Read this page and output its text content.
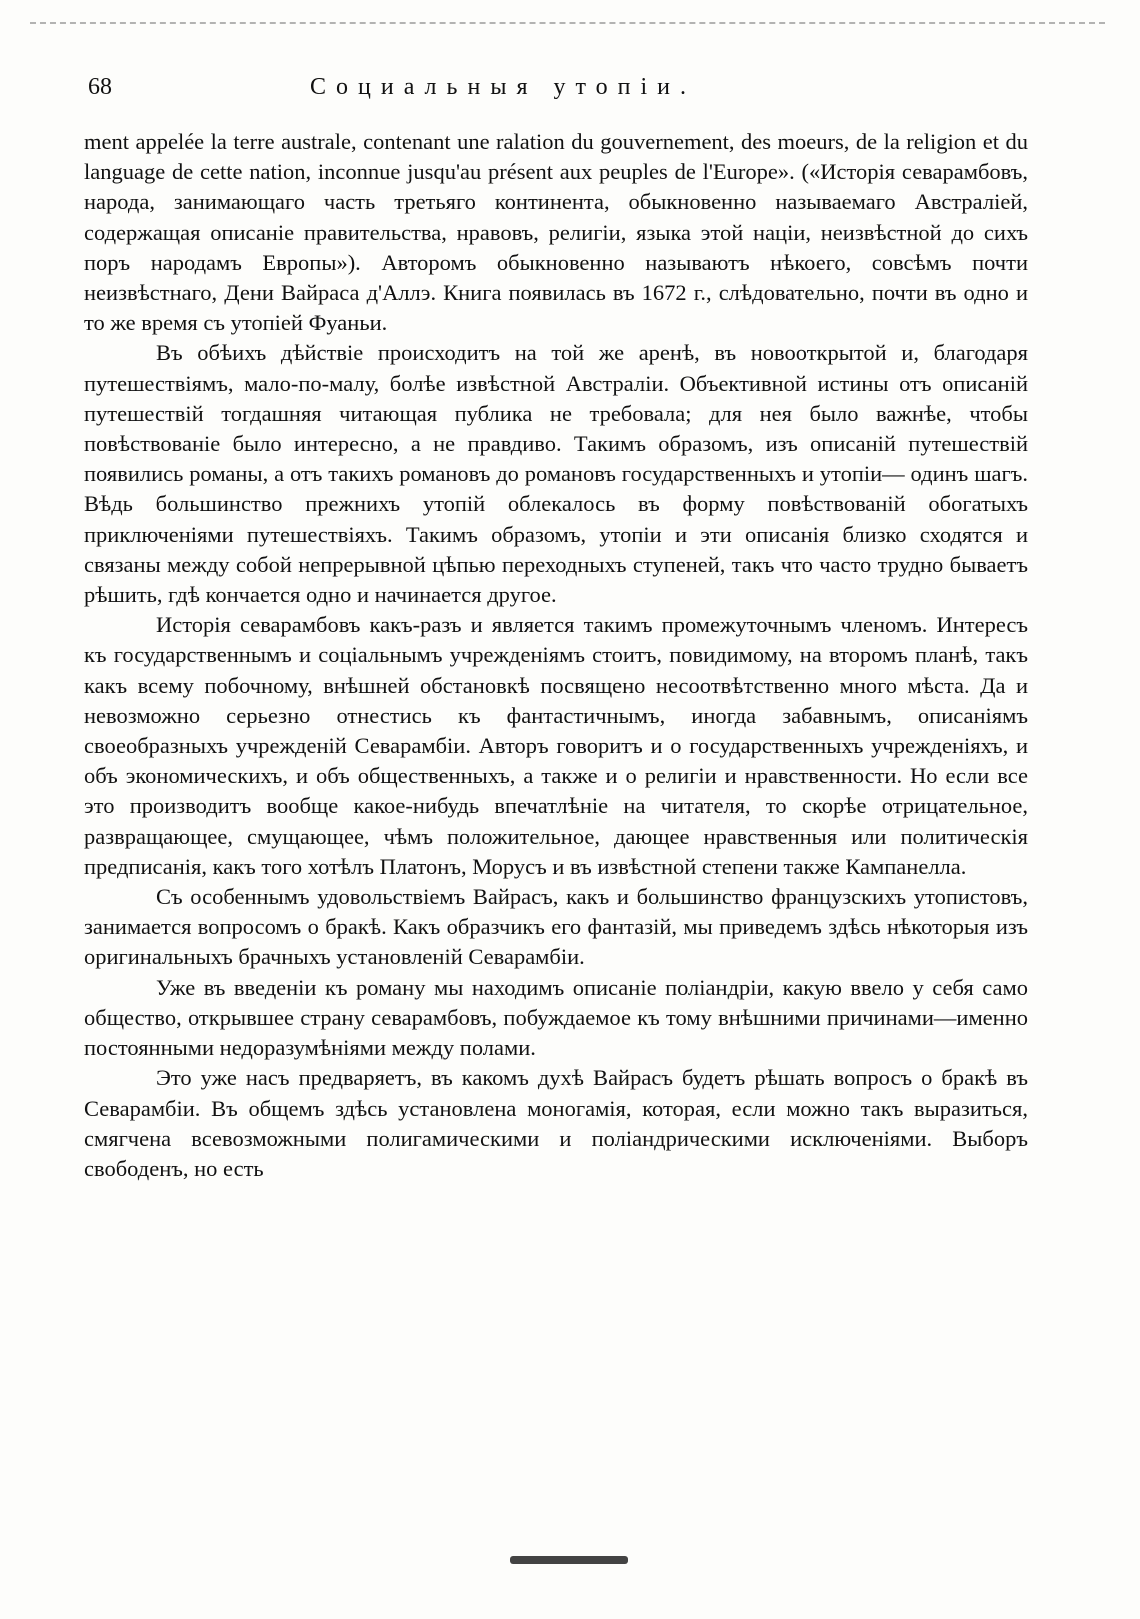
68	Социальныя утопіи.

ment appelée la terre australe, contenant une ralation du gouvernement, des moeurs, de la religion et du language de cette nation, inconnue jusqu'au présent aux peuples de l'Europe». («Исторія севарамбовъ, народа, занимающаго часть третьяго континента, обыкновенно называемаго Австраліей, содержащая описаніе правительства, нравовъ, религіи, языка этой націи, неизвѣстной до сихъ поръ народамъ Европы»). Авторомъ обыкновенно называютъ нѣкоего, совсѣмъ почти неизвѣстнаго, Дени Вайраса д'Аллэ. Книга появилась въ 1672 г., слѣдовательно, почти въ одно и то же время съ утопіей Фуаньи.

Въ обѣихъ дѣйствіе происходитъ на той же аренѣ, въ новооткрытой и, благодаря путешествіямъ, мало-по-малу, болѣе извѣстной Австраліи. Объективной истины отъ описаній путешествій тогдашняя читающая публика не требовала; для нея было важнѣе, чтобы повѣствованіе было интересно, а не правдиво. Такимъ образомъ, изъ описаній путешествій появились романы, а отъ такихъ романовъ до романовъ государственныхъ и утопіи— одинъ шагъ. Вѣдь большинство прежнихъ утопій облекалось въ форму повѣствованій обогатыхъ приключеніями путешествіяхъ. Такимъ образомъ, утопіи и эти описанія близко сходятся и связаны между собой непрерывной цѣпью переходныхъ ступеней, такъ что часто трудно бываетъ рѣшить, гдѣ кончается одно и начинается другое.

Исторія севарамбовъ какъ-разъ и является такимъ промежуточнымъ членомъ. Интересъ къ государственнымъ и соціальнымъ учрежденіямъ стоитъ, повидимому, на второмъ планѣ, такъ какъ всему побочному, внѣшней обстановкѣ посвящено несоотвѣтственно много мѣста. Да и невозможно серьезно отнестись къ фантастичнымъ, иногда забавнымъ, описаніямъ своеобразныхъ учрежденій Севарамбіи. Авторъ говоритъ и о государственныхъ учрежденіяхъ, и объ экономическихъ, и объ общественныхъ, а также и о религіи и нравственности. Но если все это производитъ вообще какое-нибудь впечатлѣніе на читателя, то скорѣе отрицательное, развращающее, смущающее, чѣмъ положительное, дающее нравственныя или политическія предписанія, какъ того хотѣлъ Платонъ, Морусъ и въ извѣстной степени также Кампанелла.

Съ особеннымъ удовольствіемъ Вайрасъ, какъ и большинство французскихъ утопистовъ, занимается вопросомъ о бракѣ. Какъ образчикъ его фантазій, мы приведемъ здѣсь нѣкоторыя изъ оригинальныхъ брачныхъ установленій Севарамбіи.

Уже въ введеніи къ роману мы находимъ описаніе поліандріи, какую ввело у себя само общество, открывшее страну севарамбовъ, побуждаемое къ тому внѣшними причинами—именно постоянными недоразумѣніями между полами.

Это уже насъ предваряетъ, въ какомъ духѣ Вайрасъ будетъ рѣшать вопросъ о бракѣ въ Севарамбіи. Въ общемъ здѣсь установлена моногамія, которая, если можно такъ выразиться, смягчена всевозможными полигамическими и поліандрическими исключеніями. Выборъ свободенъ, но есть
